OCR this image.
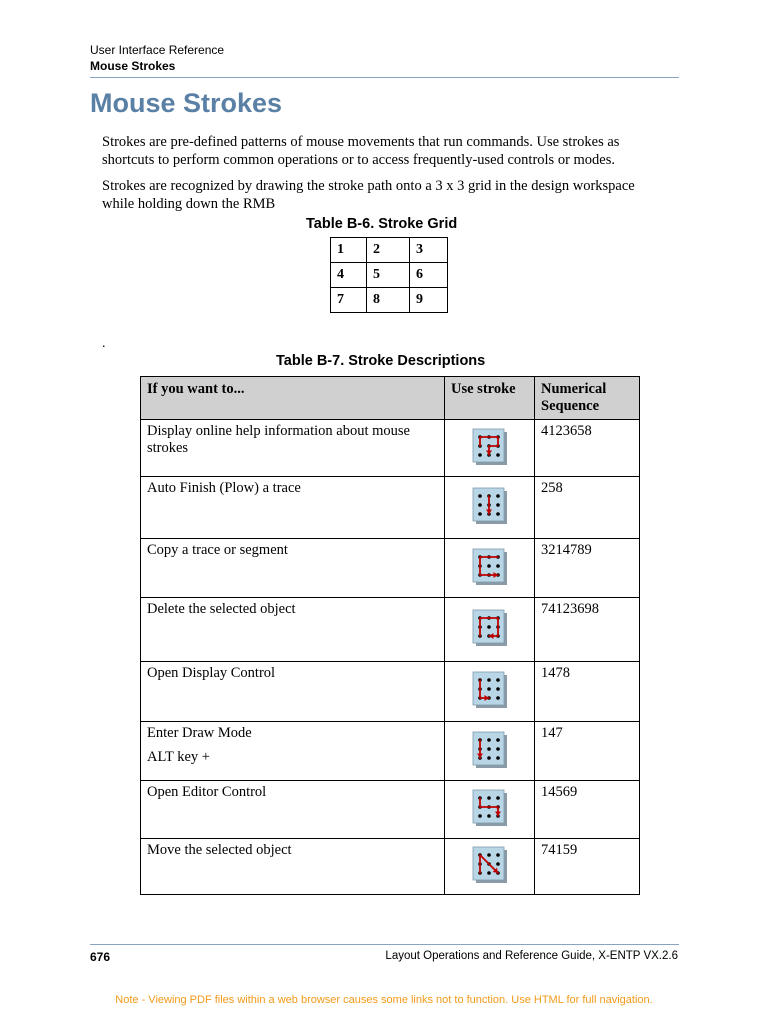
User Interface Reference
Mouse Strokes
Mouse Strokes

Strokes are pre-defined patterns of mouse movements that run commands. Use strokes as shortcuts to perform common operations or to access frequently-used controls or modes.

Strokes are recognized by drawing the stroke path onto a 3 x 3 grid in the design workspace while holding down the RMB

Table B-6. Stroke Grid
1	2	3
4	5	6
7	8	9
.
Table B-7. Stroke Descriptions
If you want to...	Use stroke	Numerical Sequence
Display online help information about mouse strokes		4123658
Auto Finish (Plow) a trace		258
Copy a trace or segment		3214789
Delete the selected object		74123698
Open Display Control		1478

Enter Draw Mode
ALT key +		147
Open Editor Control		14569
Move the selected object		74159
676	Layout Operations and Reference Guide, X-ENTP VX.2.6
Note - Viewing PDF files within a web browser causes some links not to function. Use HTML for full navigation.
